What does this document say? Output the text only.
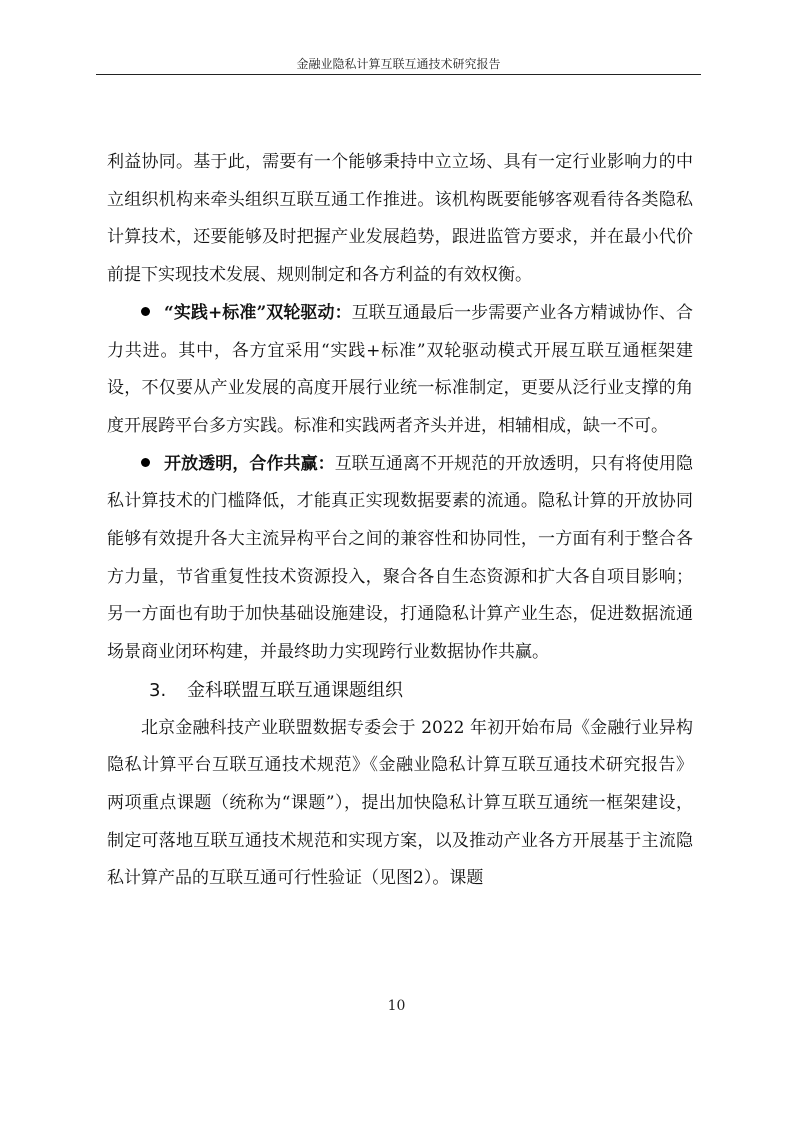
金融业隐私计算互联互通技术研究报告

利益协同。基于此，需要有一个能够秉持中立立场、具有一定行业影响力的中立组织机构来牵头组织互联互通工作推进。该机构既要能够客观看待各类隐私计算技术，还要能够及时把握产业发展趋势，跟进监管方要求，并在最小代价前提下实现技术发展、规则制定和各方利益的有效权衡。

“实践+标准”双轮驱动：互联互通最后一步需要产业各方精诚协作、合力共进。其中，各方宜采用“实践+标准”双轮驱动模式开展互联互通框架建设，不仅要从产业发展的高度开展行业统一标准制定，更要从泛行业支撑的角度开展跨平台多方实践。标准和实践两者齐头并进，相辅相成，缺一不可。

开放透明，合作共赢：互联互通离不开规范的开放透明，只有将使用隐私计算技术的门槛降低，才能真正实现数据要素的流通。隐私计算的开放协同能够有效提升各大主流异构平台之间的兼容性和协同性，一方面有利于整合各方力量，节省重复性技术资源投入，聚合各自生态资源和扩大各自项目影响；另一方面也有助于加快基础设施建设，打通隐私计算产业生态，促进数据流通场景商业闭环构建，并最终助力实现跨行业数据协作共赢。

3. 金科联盟互联互通课题组织

北京金融科技产业联盟数据专委会于 2022 年初开始布局《金融行业异构隐私计算平台互联互通技术规范》《金融业隐私计算互联互通技术研究报告》两项重点课题（统称为“课题”），提出加快隐私计算互联互通统一框架建设，制定可落地互联互通技术规范和实现方案，以及推动产业各方开展基于主流隐私计算产品的互联互通可行性验证（见图2）。课题

10
